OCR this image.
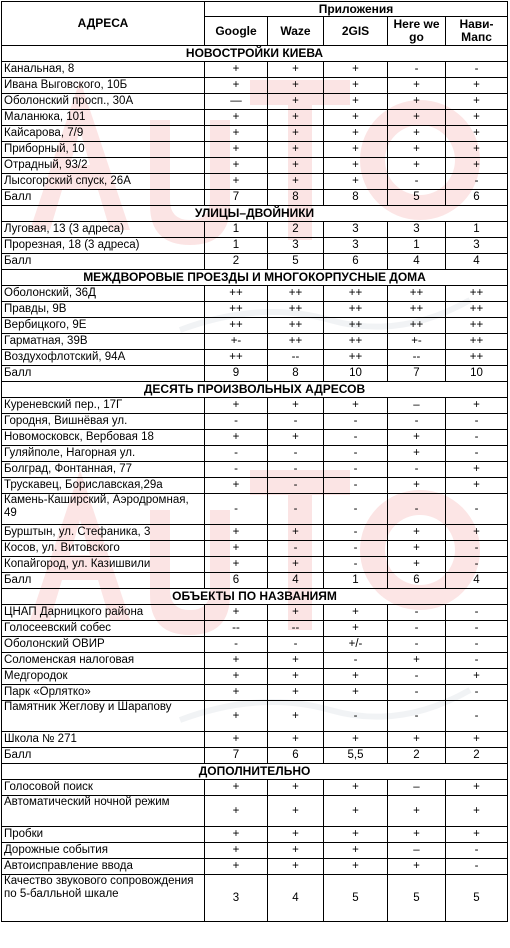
АДРЕСА	Приложения				
	Google	Waze	2GIS	Here we go	Нави-Мапс
НОВОСТРОЙКИ КИЕВА					
Канальная, 8	+	+	+	-	-
Ивана Выговского, 10Б	+	+	+	+	+
Оболонский просп., 30А	—	+	+	+	+
Маланюка, 101	+	+	+	+	+
Кайсарова, 7/9	+	+	+	+	+
Приборный, 10	+	+	+	+	+
Отрадный, 93/2	+	+	+	+	+
Лысогорский спуск, 26А	+	+	+	-	-
Балл	7	8	8	5	6
УЛИЦЫ–ДВОЙНИКИ					
Луговая, 13 (3 адреса)	1	2	3	3	1
Прорезная, 18 (3 адреса)	1	3	3	1	3
Балл	2	5	6	4	4
МЕЖДВОРОВЫЕ ПРОЕЗДЫ И МНОГОКОРПУСНЫЕ ДОМА					
Оболонский, 36Д	++	++	++	++	++
Правды, 9В	++	++	++	++	++
Вербицкого, 9Е	++	++	++	++	++
Гарматная, 39В	+-	++	++	+-	++
Воздухофлотский, 94А	++	--	++	--	++
Балл	9	8	10	7	10
ДЕСЯТЬ ПРОИЗВОЛЬНЫХ АДРЕСОВ					
Куреневский пер., 17Г	+	+	+	–	+
Городня, Вишнёвая ул.	-	-	-	-	-
Новомосковск, Вербовая 18	+	+	-	+	-
Гуляйполе, Нагорная ул.	-	-	-	+	-
Болград, Фонтанная, 77	-	-	-	-	+
Трускавец, Бориславская,29а	+	-	-	+	+
Камень-Каширский, Аэродромная, 49	-	-	-	-	-
Бурштын, ул. Стефаника, 3	+	+	-	+	+
Косов, ул. Витовского	+	-	-	+	-
Копайгород, ул. Казишвили	+	+	-	+	-
Балл	6	4	1	6	4
ОБЪЕКТЫ ПО НАЗВАНИЯМ					
ЦНАП Дарницкого района	+	+	+	-	-
Голосеевский собес	--	--	+	-	-
Оболонский ОВИР	-	-	+/-	-	-
Соломенская налоговая	+	+	-	+	-
Медгородок	+	+	+	-	+
Парк «Орлятко»	+	+	+	-	-
Памятник Жеглову и Шарапову	+	+	-	-	-
Школа № 271	+	+	+	+	+
Балл	7	6	5,5	2	2
ДОПОЛНИТЕЛЬНО					
Голосовой поиск	+	+	+	–	+
Автоматический ночной режим	+	+	+	+	+
Пробки	+	+	+	+	+
Дорожные события	+	+	+	–	-
Автоисправление ввода	+	+	+	+	-
Качество звукового сопровождения по 5-балльной шкале	3	4	5	5	5
